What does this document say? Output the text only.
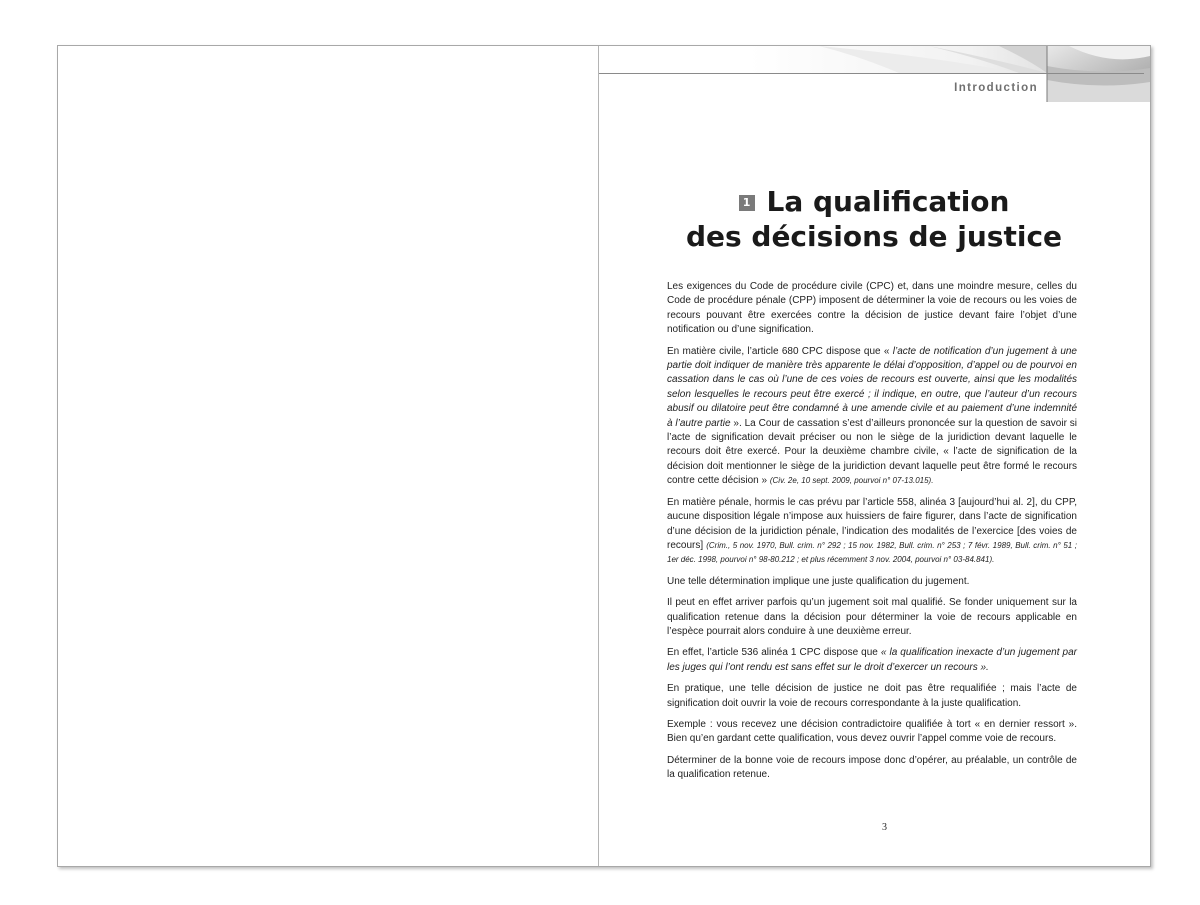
Introduction
1 La qualification
des décisions de justice

Les exigences du Code de procédure civile (CPC) et, dans une moindre mesure, celles du Code de procédure pénale (CPP) imposent de déterminer la voie de recours ou les voies de recours pouvant être exercées contre la décision de justice devant faire l’objet d’une notification ou d’une signification.

En matière civile, l’article 680 CPC dispose que « l’acte de notification d’un jugement à une partie doit indiquer de manière très apparente le délai d’opposition, d’appel ou de pourvoi en cassation dans le cas où l’une de ces voies de recours est ouverte, ainsi que les modalités selon lesquelles le recours peut être exercé ; il indique, en outre, que l’auteur d’un recours abusif ou dilatoire peut être condamné à une amende civile et au paiement d’une indemnité à l’autre partie ». La Cour de cassation s’est d’ailleurs prononcée sur la question de savoir si l’acte de signification devait préciser ou non le siège de la juridiction devant laquelle le recours doit être exercé. Pour la deuxième chambre civile, « l’acte de signification de la décision doit mentionner le siège de la juridiction devant laquelle peut être formé le recours contre cette décision » (Civ. 2e, 10 sept. 2009, pourvoi n° 07-13.015).

En matière pénale, hormis le cas prévu par l’article 558, alinéa 3 [aujourd’hui al. 2], du CPP, aucune disposition légale n’impose aux huissiers de faire figurer, dans l’acte de signification d’une décision de la juridiction pénale, l’indication des modalités de l’exercice [des voies de recours] (Crim., 5 nov. 1970, Bull. crim. n° 292 ; 15 nov. 1982, Bull. crim. n° 253 ; 7 févr. 1989, Bull. crim. n° 51 ; 1er déc. 1998, pourvoi n° 98-80.212 ; et plus récemment 3 nov. 2004, pourvoi n° 03-84.841).

Une telle détermination implique une juste qualification du jugement.

Il peut en effet arriver parfois qu’un jugement soit mal qualifié. Se fonder uniquement sur la qualification retenue dans la décision pour déterminer la voie de recours applicable en l’espèce pourrait alors conduire à une deuxième erreur.

En effet, l’article 536 alinéa 1 CPC dispose que « la qualification inexacte d’un jugement par les juges qui l’ont rendu est sans effet sur le droit d’exercer un recours ».

En pratique, une telle décision de justice ne doit pas être requalifiée ; mais l’acte de signification doit ouvrir la voie de recours correspondante à la juste qualification.

Exemple : vous recevez une décision contradictoire qualifiée à tort « en dernier ressort ». Bien qu’en gardant cette qualification, vous devez ouvrir l’appel comme voie de recours.

Déterminer de la bonne voie de recours impose donc d’opérer, au préalable, un contrôle de la qualification retenue.

3
